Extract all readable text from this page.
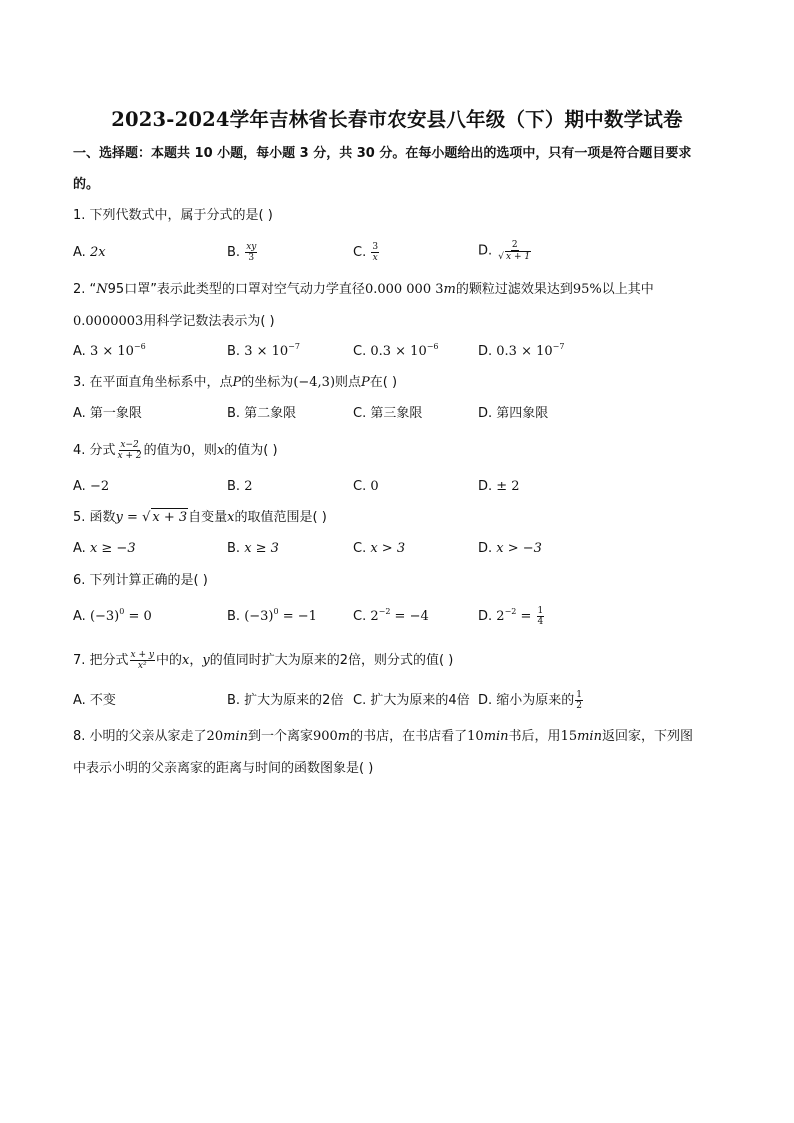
2023-2024学年吉林省长春市农安县八年级（下）期中数学试卷
一、选择题：本题共 10 小题，每小题 3 分，共 30 分。在每小题给出的选项中，只有一项是符合题目要求
的。
1. 下列代数式中，属于分式的是( )
A. 2x	B. $\frac{xy}{3}$	C. $\frac{3}{x}$	D. $\frac{2}{√ x + 1}$
2. “N95口罩”表示此类型的口罩对空气动力学直径0.000 000 3m的颗粒过滤效果达到95%以上其中
0.0000003用科学记数法表示为( )
A. $3 \times 10^{-6}$	B. $3 \times 10^{-7}$	C. $0.3 \times 10^{-6}$	D. $0.3 \times 10^{-7}$
3. 在平面直角坐标系中，点P的坐标为(−4,3)则点P在( )
A. 第一象限	B. 第二象限	C. 第三象限	D. 第四象限
4. 分式 $\frac{x-2}{x + 2}$ 的值为0，则x的值为( )
A. −2	B. 2	C. 0	D. ± 2
5. 函数y = √ x + 3自变量x的取值范围是( )
A. x ≥ −3	B. x ≥ 3	C. x > 3	D. x > −3
6. 下列计算正确的是( )
A. $(-3)^0 = 0$	B. $(-3)^0 = -1$	C. $2^{-2} = -4$	D. $2^{-2} = \frac{1}{4}$
7. 把分式 $\frac{x + y}{\text{x²}}$ 中的x，y的值同时扩大为原来的2倍，则分式的值( )
A. 不变	B. 扩大为原来的2倍 C. 扩大为原来的4倍 D. 缩小为原来的 $\frac{1}{2}$
8. 小明的父亲从家走了20min到一个离家900m的书店，在书店看了10min书后，用15min返回家，下列图
中表示小明的父亲离家的距离与时间的函数图象是( )
